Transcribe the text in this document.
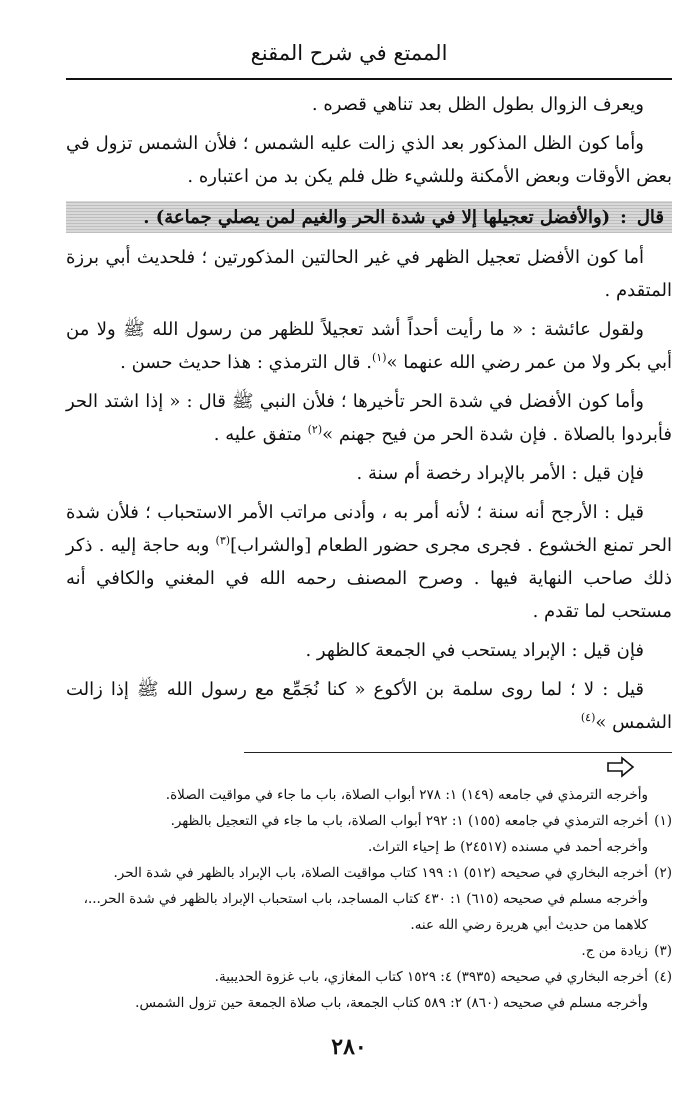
الممتع في شرح المقنع

ويعرف الزوال بطول الظل بعد تناهي قصره .

وأما كون الظل المذكور بعد الذي زالت عليه الشمس ؛ فلأن الشمس تزول في بعض الأوقات وبعض الأمكنة وللشيء ظل فلم يكن بد من اعتباره .

قال
:
(والأفضل تعجيلها إلا في شدة الحر والغيم لمن يصلي جماعة) .

أما كون الأفضل تعجيل الظهر في غير الحالتين المذكورتين ؛ فلحديث أبي برزة المتقدم .

ولقول عائشة : « ما رأيت أحداً أشد تعجيلاً للظهر من رسول الله ﷺ ولا من أبي بكر ولا من عمر رضي الله عنهما »$^{(١)}$. قال الترمذي : هذا حديث حسن .

وأما كون الأفضل في شدة الحر تأخيرها ؛ فلأن النبي ﷺ قال : « إذا اشتد الحر فأبردوا بالصلاة . فإن شدة الحر من فيح جهنم »$^{(٢)}$ متفق عليه .

فإن قيل : الأمر بالإبراد رخصة أم سنة .

قيل : الأرجح أنه سنة ؛ لأنه أمر به ، وأدنى مراتب الأمر الاستحباب ؛ فلأن شدة الحر تمنع الخشوع . فجرى مجرى حضور الطعام [والشراب]$^{(٣)}$ وبه حاجة إليه . ذكر ذلك صاحب النهاية فيها . وصرح المصنف رحمه الله في المغني والكافي أنه مستحب لما تقدم .

فإن قيل : الإبراد يستحب في الجمعة كالظهر .

قيل : لا ؛ لما روى سلمة بن الأكوع « كنا نُجَمِّع مع رسول الله ﷺ إذا زالت الشمس »$^{(٤)}$

وأخرجه الترمذي في جامعه (١٤٩) ١: ٢٧٨ أبواب الصلاة، باب ما جاء في مواقيت الصلاة.

(١)أخرجه الترمذي في جامعه (١٥٥) ١: ٢٩٢ أبواب الصلاة، باب ما جاء في التعجيل بالظهر.

وأخرجه أحمد في مسنده (٢٤٥١٧) ط إحياء التراث.

(٢)أخرجه البخاري في صحيحه (٥١٢) ١: ١٩٩ كتاب مواقيت الصلاة، باب الإبراد بالظهر في شدة الحر.

وأخرجه مسلم في صحيحه (٦١٥) ١: ٤٣٠ كتاب المساجد، باب استحباب الإبراد بالظهر في شدة الحر...،

كلاهما من حديث أبي هريرة رضي الله عنه.

(٣)زيادة من ج.

(٤)أخرجه البخاري في صحيحه (٣٩٣٥) ٤: ١٥٢٩ كتاب المغازي، باب غزوة الحديبية.

وأخرجه مسلم في صحيحه (٨٦٠) ٢: ٥٨٩ كتاب الجمعة، باب صلاة الجمعة حين تزول الشمس.

٢٨٠
